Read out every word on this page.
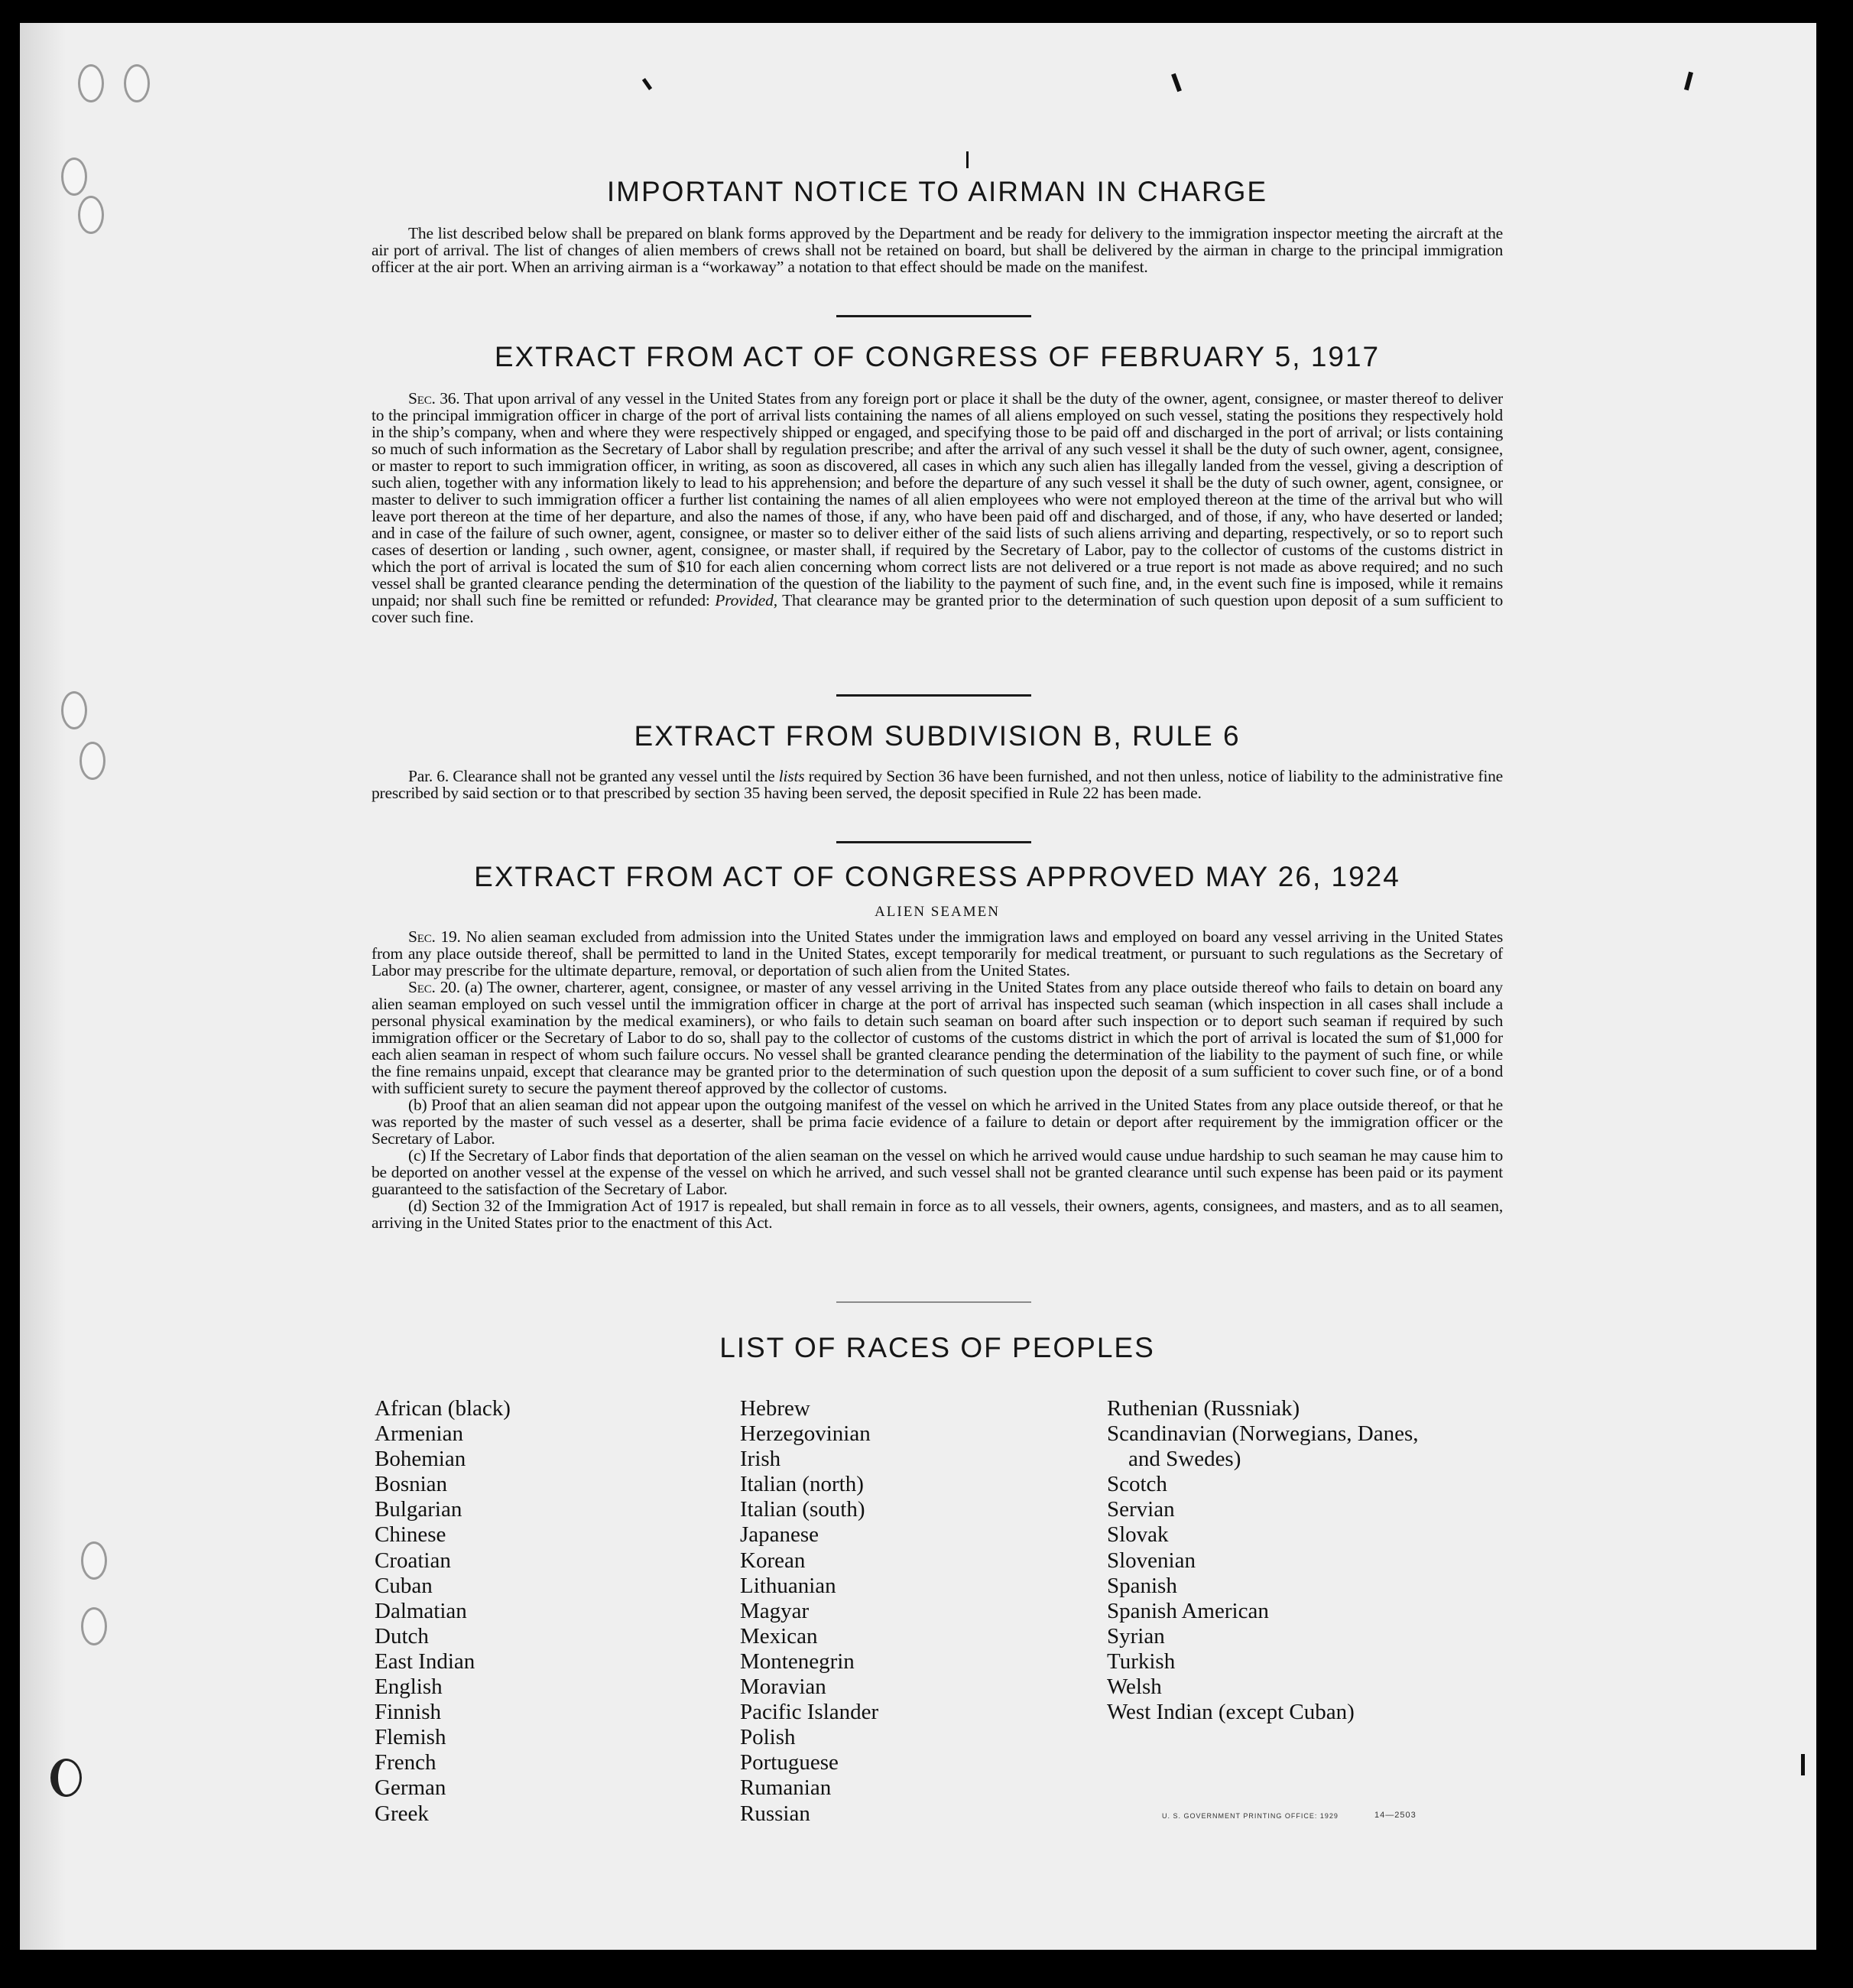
IMPORTANT NOTICE TO AIRMAN IN CHARGE

The list described below shall be prepared on blank forms approved by the Department and be ready for delivery to the immigration inspector meeting the aircraft at the air port of arrival. The list of changes of alien members of crews shall not be retained on board, but shall be delivered by the airman in charge to the principal immigration officer at the air port. When an arriving airman is a “workaway” a notation to that effect should be made on the manifest.

EXTRACT FROM ACT OF CONGRESS OF FEBRUARY 5, 1917

Sec. 36. That upon arrival of any vessel in the United States from any foreign port or place it shall be the duty of the owner, agent, consignee, or master thereof to deliver to the principal immigration officer in charge of the port of arrival lists containing the names of all aliens employed on such vessel, stating the positions they respectively hold in the ship’s company, when and where they were respectively shipped or engaged, and specifying those to be paid off and discharged in the port of arrival; or lists containing so much of such information as the Secretary of Labor shall by regulation prescribe; and after the arrival of any such vessel it shall be the duty of such owner, agent, consignee, or master to report to such immigration officer, in writing, as soon as discovered, all cases in which any such alien has illegally landed from the vessel, giving a description of such alien, together with any information likely to lead to his apprehension; and before the departure of any such vessel it shall be the duty of such owner, agent, consignee, or master to deliver to such immigration officer a further list containing the names of all alien employees who were not employed thereon at the time of the arrival but who will leave port thereon at the time of her departure, and also the names of those, if any, who have been paid off and discharged, and of those, if any, who have deserted or landed; and in case of the failure of such owner, agent, consignee, or master so to deliver either of the said lists of such aliens arriving and departing, respectively, or so to report such cases of desertion or landing , such owner, agent, consignee, or master shall, if required by the Secretary of Labor, pay to the collector of customs of the customs district in which the port of arrival is located the sum of $10 for each alien concerning whom correct lists are not delivered or a true report is not made as above required; and no such vessel shall be granted clearance pending the determination of the question of the liability to the payment of such fine, and, in the event such fine is imposed, while it remains unpaid; nor shall such fine be remitted or refunded: Provided, That clearance may be granted prior to the determination of such question upon deposit of a sum sufficient to cover such fine.

EXTRACT FROM SUBDIVISION B, RULE 6

Par. 6. Clearance shall not be granted any vessel until the lists required by Section 36 have been furnished, and not then unless, notice of liability to the administrative fine prescribed by said section or to that prescribed by section 35 having been served, the deposit specified in Rule 22 has been made.

EXTRACT FROM ACT OF CONGRESS APPROVED MAY 26, 1924
ALIEN SEAMEN

Sec. 19. No alien seaman excluded from admission into the United States under the immigration laws and employed on board any vessel arriving in the United States from any place outside thereof, shall be permitted to land in the United States, except temporarily for medical treatment, or pursuant to such regulations as the Secretary of Labor may prescribe for the ultimate departure, removal, or deportation of such alien from the United States.

Sec. 20. (a) The owner, charterer, agent, consignee, or master of any vessel arriving in the United States from any place outside thereof who fails to detain on board any alien seaman employed on such vessel until the immigration officer in charge at the port of arrival has inspected such seaman (which inspection in all cases shall include a personal physical examination by the medical examiners), or who fails to detain such seaman on board after such inspection or to deport such seaman if required by such immigration officer or the Secretary of Labor to do so, shall pay to the collector of customs of the customs district in which the port of arrival is located the sum of $1,000 for each alien seaman in respect of whom such failure occurs. No vessel shall be granted clearance pending the determination of the liability to the payment of such fine, or while the fine remains unpaid, except that clearance may be granted prior to the determination of such question upon the deposit of a sum sufficient to cover such fine, or of a bond with sufficient surety to secure the payment thereof approved by the collector of customs.

(b) Proof that an alien seaman did not appear upon the outgoing manifest of the vessel on which he arrived in the United States from any place outside thereof, or that he was reported by the master of such vessel as a deserter, shall be prima facie evidence of a failure to detain or deport after requirement by the immigration officer or the Secretary of Labor.

(c) If the Secretary of Labor finds that deportation of the alien seaman on the vessel on which he arrived would cause undue hardship to such seaman he may cause him to be deported on another vessel at the expense of the vessel on which he arrived, and such vessel shall not be granted clearance until such expense has been paid or its payment guaranteed to the satisfaction of the Secretary of Labor.

(d) Section 32 of the Immigration Act of 1917 is repealed, but shall remain in force as to all vessels, their owners, agents, consignees, and masters, and as to all seamen, arriving in the United States prior to the enactment of this Act.

LIST OF RACES OF PEOPLES
African (black)
Armenian
Bohemian
Bosnian
Bulgarian
Chinese
Croatian
Cuban
Dalmatian
Dutch
East Indian
English
Finnish
Flemish
French
German
Greek
Hebrew
Herzegovinian
Irish
Italian (north)
Italian (south)
Japanese
Korean
Lithuanian
Magyar
Mexican
Montenegrin
Moravian
Pacific Islander
Polish
Portuguese
Rumanian
Russian
Ruthenian (Russniak)
Scandinavian (Norwegians, Danes,
and Swedes)
Scotch
Servian
Slovak
Slovenian
Spanish
Spanish American
Syrian
Turkish
Welsh
West Indian (except Cuban)
U. S. GOVERNMENT PRINTING OFFICE: 1929	14—2503
